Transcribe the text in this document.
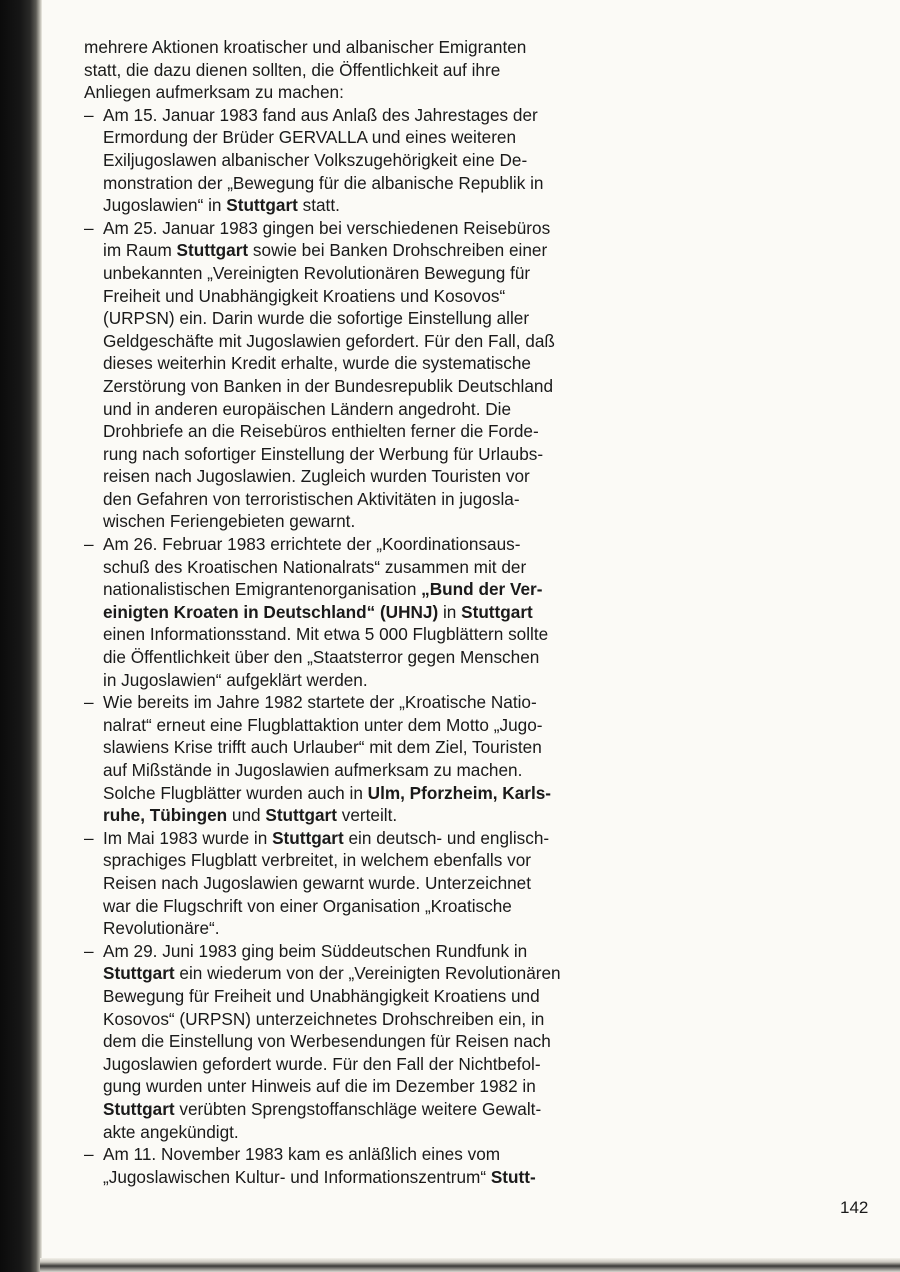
mehrere Aktionen kroatischer und albanischer Emigranten
statt, die dazu dienen sollten, die Öffentlichkeit auf ihre
Anliegen aufmerksam zu machen:

– Am 15. Januar 1983 fand aus Anlaß des Jahrestages der
Ermordung der Brüder GERVALLA und eines weiteren
Exiljugoslawen albanischer Volkszugehörigkeit eine De-
monstration der „Bewegung für die albanische Republik in
Jugoslawien“ in Stuttgart statt.

– Am 25. Januar 1983 gingen bei verschiedenen Reisebüros
im Raum Stuttgart sowie bei Banken Drohschreiben einer
unbekannten „Vereinigten Revolutionären Bewegung für
Freiheit und Unabhängigkeit Kroatiens und Kosovos“
(URPSN) ein. Darin wurde die sofortige Einstellung aller
Geldgeschäfte mit Jugoslawien gefordert. Für den Fall, daß
dieses weiterhin Kredit erhalte, wurde die systematische
Zerstörung von Banken in der Bundesrepublik Deutschland
und in anderen europäischen Ländern angedroht. Die
Drohbriefe an die Reisebüros enthielten ferner die Forde-
rung nach sofortiger Einstellung der Werbung für Urlaubs-
reisen nach Jugoslawien. Zugleich wurden Touristen vor
den Gefahren von terroristischen Aktivitäten in jugosla-
wischen Feriengebieten gewarnt.

– Am 26. Februar 1983 errichtete der „Koordinationsaus-
schuß des Kroatischen Nationalrats“ zusammen mit der
nationalistischen Emigrantenorganisation „Bund der Ver-
einigten Kroaten in Deutschland“ (UHNJ) in Stuttgart
einen Informationsstand. Mit etwa 5 000 Flugblättern sollte
die Öffentlichkeit über den „Staatsterror gegen Menschen
in Jugoslawien“ aufgeklärt werden.

– Wie bereits im Jahre 1982 startete der „Kroatische Natio-
nalrat“ erneut eine Flugblattaktion unter dem Motto „Jugo-
slawiens Krise trifft auch Urlauber“ mit dem Ziel, Touristen
auf Mißstände in Jugoslawien aufmerksam zu machen.
Solche Flugblätter wurden auch in Ulm, Pforzheim, Karls-
ruhe, Tübingen und Stuttgart verteilt.

– Im Mai 1983 wurde in Stuttgart ein deutsch- und englisch-
sprachiges Flugblatt verbreitet, in welchem ebenfalls vor
Reisen nach Jugoslawien gewarnt wurde. Unterzeichnet
war die Flugschrift von einer Organisation „Kroatische
Revolutionäre“.

– Am 29. Juni 1983 ging beim Süddeutschen Rundfunk in
Stuttgart ein wiederum von der „Vereinigten Revolutionären
Bewegung für Freiheit und Unabhängigkeit Kroatiens und
Kosovos“ (URPSN) unterzeichnetes Drohschreiben ein, in
dem die Einstellung von Werbesendungen für Reisen nach
Jugoslawien gefordert wurde. Für den Fall der Nichtbefol-
gung wurden unter Hinweis auf die im Dezember 1982 in
Stuttgart verübten Sprengstoffanschläge weitere Gewalt-
akte angekündigt.

– Am 11. November 1983 kam es anläßlich eines vom
„Jugoslawischen Kultur- und Informationszentrum“ Stutt-

142
